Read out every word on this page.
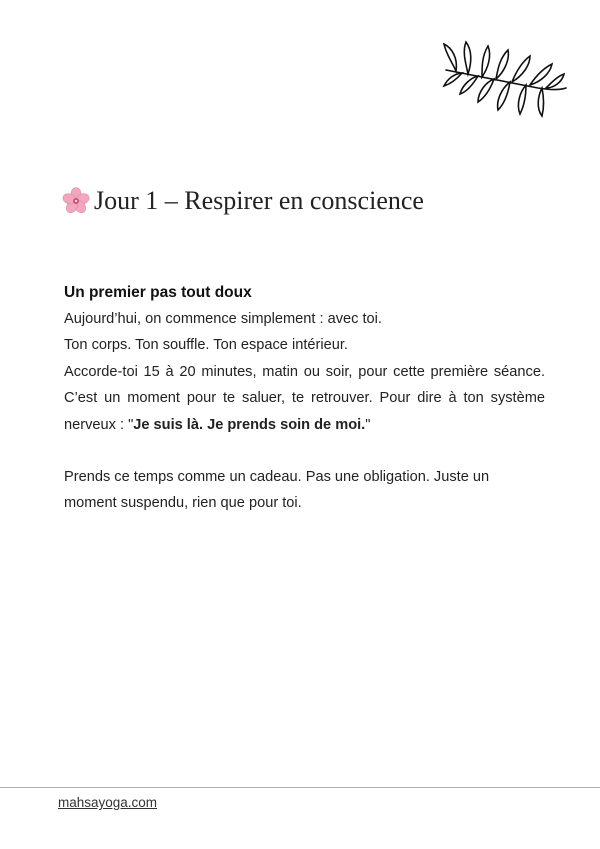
Jour 1 – Respirer en conscience
Un premier pas tout doux

Aujourd’hui, on commence simplement : avec toi.

Ton corps. Ton souffle. Ton espace intérieur.

Accorde-toi 15 à 20 minutes, matin ou soir, pour cette première séance. C’est un moment pour te saluer, te retrouver. Pour dire à ton système nerveux : "Je suis là. Je prends soin de moi."

Prends ce temps comme un cadeau. Pas une obligation. Juste un moment suspendu, rien que pour toi.

mahsayoga.com
